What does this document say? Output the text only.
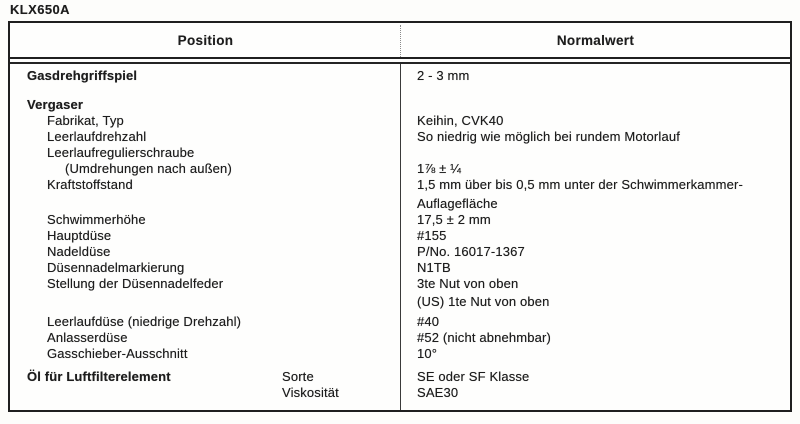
KLX650A
Position	Normalwert
Gasdrehgriffspiel	2 - 3 mm
Vergaser
Fabrikat, Typ	Keihin, CVK40
Leerlaufdrehzahl	So niedrig wie möglich bei rundem Motorlauf
Leerlaufregulierschraube
(Umdrehungen nach außen)	1⅞ ± ¼
Kraftstoffstand	1,5 mm über bis 0,5 mm unter der Schwimmerkammer-
Auflagefläche
Schwimmerhöhe	17,5 ± 2 mm
Hauptdüse	#155
Nadeldüse	P/No. 16017-1367
Düsennadelmarkierung	N1TB
Stellung der Düsennadelfeder	3te Nut von oben
(US) 1te Nut von oben
Leerlaufdüse (niedrige Drehzahl)	#40
Anlasserdüse	#52 (nicht abnehmbar)
Gasschieber-Ausschnitt	10°
Öl für Luftfilterelement	Sorte	SE oder SF Klasse
Viskosität	SAE30
